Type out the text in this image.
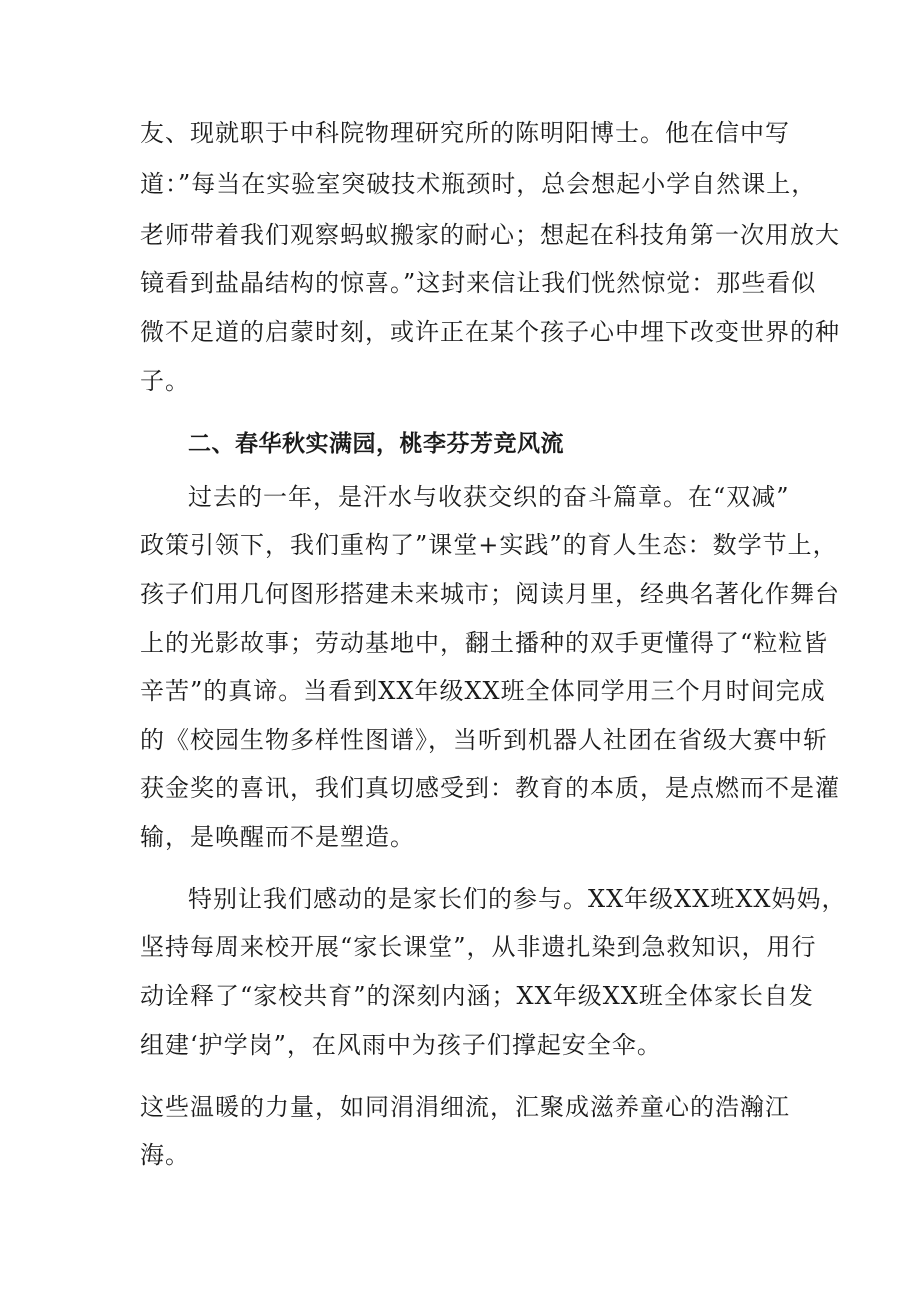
友、现就职于中科院物理研究所的陈明阳博士。他在信中写
道：”每当在实验室突破技术瓶颈时，总会想起小学自然课上，
老师带着我们观察蚂蚁搬家的耐心；想起在科技角第一次用放大
镜看到盐晶结构的惊喜。”这封来信让我们恍然惊觉：那些看似
微不足道的启蒙时刻，或许正在某个孩子心中埋下改变世界的种
子。
二、春华秋实满园，桃李芬芳竞风流
过去的一年，是汗水与收获交织的奋斗篇章。在“双减”
政策引领下，我们重构了”课堂+实践”的育人生态：数学节上，
孩子们用几何图形搭建未来城市；阅读月里，经典名著化作舞台
上的光影故事；劳动基地中，翻土播种的双手更懂得了“粒粒皆
辛苦”的真谛。当看到XX年级XX班全体同学用三个月时间完成
的《校园生物多样性图谱》，当听到机器人社团在省级大赛中斩
获金奖的喜讯，我们真切感受到：教育的本质，是点燃而不是灌
输，是唤醒而不是塑造。
特别让我们感动的是家长们的参与。XX年级XX班XX妈妈，
坚持每周来校开展“家长课堂”，从非遗扎染到急救知识，用行
动诠释了“家校共育”的深刻内涵；XX年级XX班全体家长自发
组建‘护学岗”，在风雨中为孩子们撑起安全伞。
这些温暖的力量，如同涓涓细流，汇聚成滋养童心的浩瀚江
海。
